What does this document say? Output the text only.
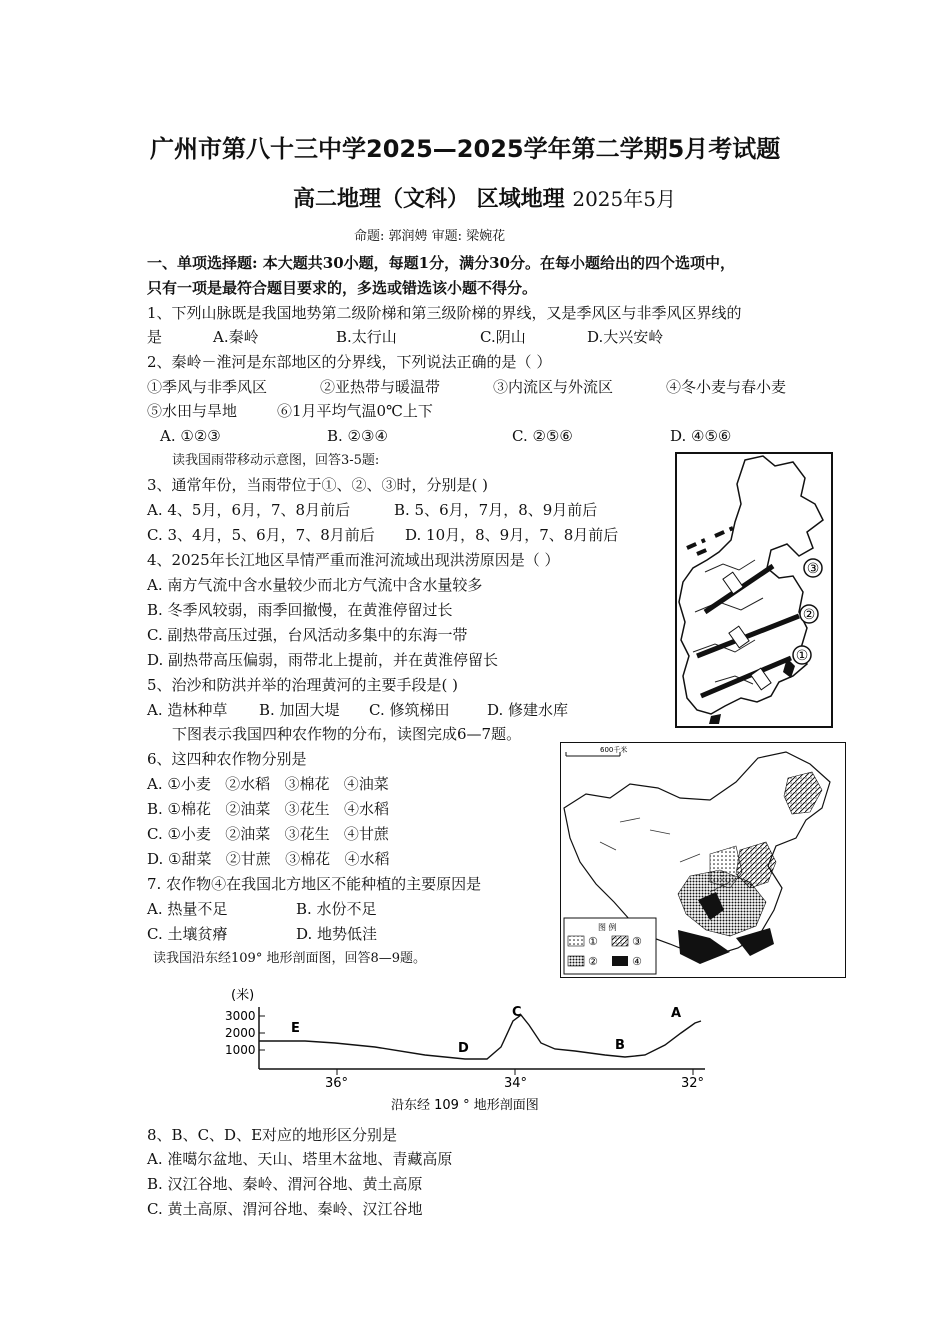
广州市第八十三中学2025—2025学年第二学期5月考试题
高二地理（文科） 区域地理 2025年5月
命题: 郭润娉 审题: 梁婉花
一、单项选择题: 本大题共30小题，每题1分，满分30分。在每小题给出的四个选项中，
只有一项是最符合题目要求的，多选或错选该小题不得分。
1、下列山脉既是我国地势第二级阶梯和第三级阶梯的界线，又是季风区与非季风区界线的
是	A.秦岭	B.太行山	C.阴山	D.大兴安岭
2、秦岭－淮河是东部地区的分界线，下列说法正确的是（ ）
①季风与非季风区	②亚热带与暖温带	③内流区与外流区	④冬小麦与春小麦
⑤水田与旱地	⑥1月平均气温0℃上下
A. ①②③	B. ②③④	C. ②⑤⑥	D. ④⑤⑥
读我国雨带移动示意图，回答3-5题:
3、通常年份，当雨带位于①、②、③时，分别是( )
A. 4、5月，6月，7、8月前后	B. 5、6月，7月，8、9月前后
C. 3、4月，5、6月，7、8月前后 D. 10月，8、9月，7、8月前后
4、2025年长江地区旱情严重而淮河流域出现洪涝原因是（ ）
A. 南方气流中含水量较少而北方气流中含水量较多
B. 冬季风较弱，雨季回撤慢，在黄淮停留过长
C. 副热带高压过强，台风活动多集中的东海一带
D. 副热带高压偏弱，雨带北上提前，并在黄淮停留长
5、治沙和防洪并举的治理黄河的主要手段是( )
A. 造林种草 B. 加固大堤 C. 修筑梯田	D. 修建水库
下图表示我国四种农作物的分布，读图完成6—7题。
6、这四种农作物分别是
A. ①小麦 ②水稻 ③棉花 ④油菜
B. ①棉花 ②油菜 ③花生 ④水稻
C. ①小麦 ②油菜 ③花生 ④甘蔗
D. ①甜菜 ②甘蔗 ③棉花 ④水稻
7. 农作物④在我国北方地区不能种植的主要原因是
A. 热量不足	B. 水份不足
C. 土壤贫瘠	D. 地势低洼
读我国沿东经109° 地形剖面图，回答8—9题。
③
②
①
600千米
图 例
①	③
②	④
(米)
3000
2000
1000
36°	34°	32°
E
D
C
B
A
沿东经 109 ° 地形剖面图
8、B、C、D、E对应的地形区分别是
A. 准噶尔盆地、天山、塔里木盆地、青藏高原
B. 汉江谷地、秦岭、渭河谷地、黄土高原
C. 黄土高原、渭河谷地、秦岭、汉江谷地
